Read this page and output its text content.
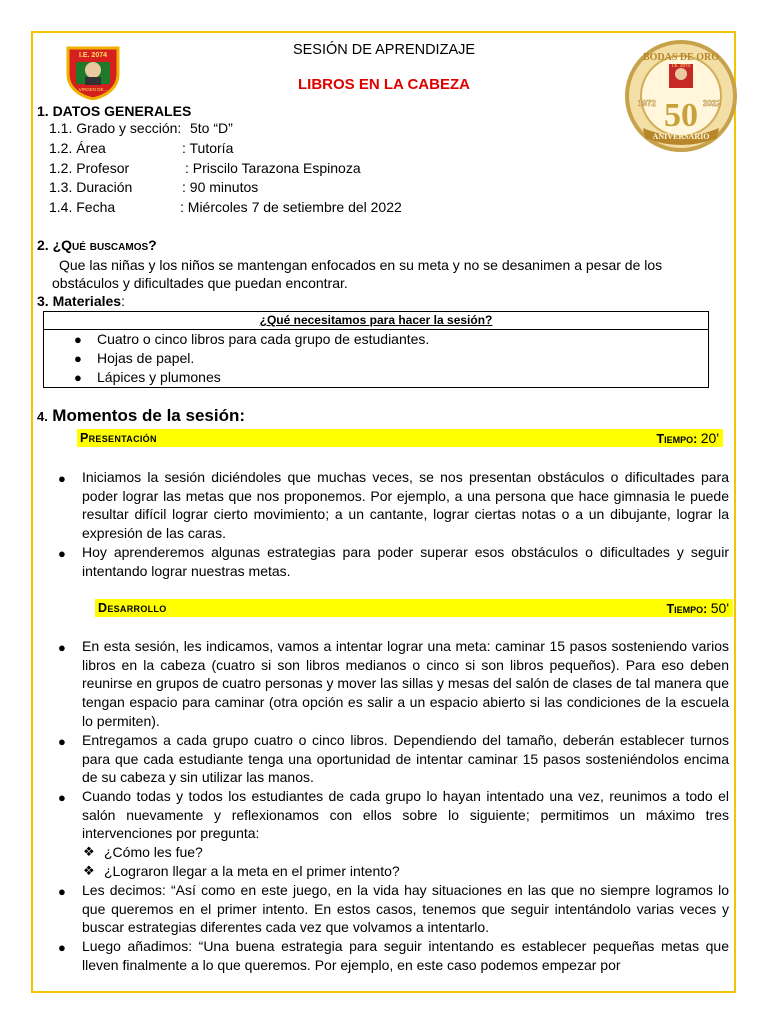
I.E. 2074
VIRGEN DE...
BODAS DE ORO
I.E. 2074
1972	2022
50
ANIVERSARIO
SESIÓN DE APRENDIZAJE
LIBROS EN LA CABEZA
1. DATOS GENERALES
1.1. Grado y sección: 5to “D”
1.2. Área	: Tutoría
1.2. Profesor	: Priscilo Tarazona Espinoza
1.3. Duración	: 90 minutos
1.4. Fecha	: Miércoles 7 de setiembre del 2022
2. ¿Qué buscamos?
Que las niñas y los niños se mantengan enfocados en su meta y no se desanimen a pesar de los
obstáculos y dificultades que puedan encontrar.
3. Materiales:
¿Qué necesitamos para hacer la sesión?
● Cuatro o cinco libros para cada grupo de estudiantes.
● Hojas de papel.
● Lápices y plumones
4. Momentos de la sesión:
Presentación	Tiempo: 20'
● Iniciamos la sesión diciéndoles que muchas veces, se nos presentan obstáculos o dificultades para poder lograr las metas que nos proponemos. Por ejemplo, a una persona que hace gimnasia le puede resultar difícil lograr cierto movimiento; a un cantante, lograr ciertas notas o a un dibujante, lograr la expresión de las caras.
● Hoy aprenderemos algunas estrategias para poder superar esos obstáculos o dificultades y seguir intentando lograr nuestras metas.
Desarrollo	Tiempo: 50'
● En esta sesión, les indicamos, vamos a intentar lograr una meta: caminar 15 pasos sosteniendo varios libros en la cabeza (cuatro si son libros medianos o cinco si son libros pequeños). Para eso deben reunirse en grupos de cuatro personas y mover las sillas y mesas del salón de clases de tal manera que tengan espacio para caminar (otra opción es salir a un espacio abierto si las condiciones de la escuela lo permiten).
● Entregamos a cada grupo cuatro o cinco libros. Dependiendo del tamaño, deberán establecer turnos para que cada estudiante tenga una oportunidad de intentar caminar 15 pasos sosteniéndolos encima de su cabeza y sin utilizar las manos.
● Cuando todas y todos los estudiantes de cada grupo lo hayan intentado una vez, reunimos a todo el salón nuevamente y reflexionamos con ellos sobre lo siguiente; permitimos un máximo tres intervenciones por pregunta:
❖ ¿Cómo les fue?
❖ ¿Lograron llegar a la meta en el primer intento?
● Les decimos: “Así como en este juego, en la vida hay situaciones en las que no siempre logramos lo que queremos en el primer intento. En estos casos, tenemos que seguir intentándolo varias veces y buscar estrategias diferentes cada vez que volvamos a intentarlo.
● Luego añadimos: “Una buena estrategia para seguir intentando es establecer pequeñas metas que lleven finalmente a lo que queremos. Por ejemplo, en este caso podemos empezar por
